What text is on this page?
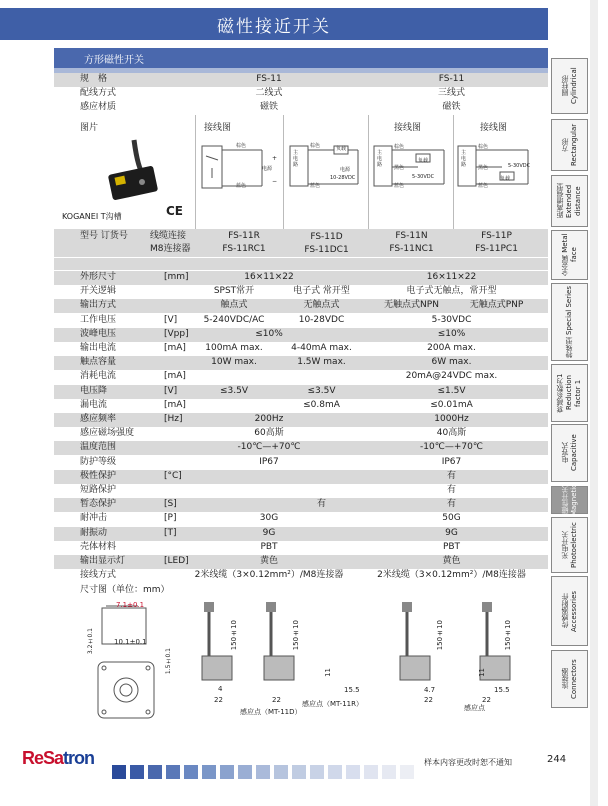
磁性接近开关
方形磁性开关
规　格	FS-11	FS-11
配线方式	二线式	三线式
感应材质	磁铁	磁铁
图片	接线图	接线图	接线图
KOGANEI T沟槽	CE
棕色
蓝色
电源
+
−
主电路
棕色	负载
10-28VDC
电源
蓝色
主电路
棕色
黑色
负载
5-30VDC
蓝色
主电路
棕色
黑色	5-30VDC
负载
蓝色
型号 订货号 线缆连接
M8连接器
FS-11R	FS-11D	FS-11N	FS-11P
FS-11RC1	FS-11DC1	FS-11NC1	FS-11PC1
外形尺寸	[mm]	16×11×22	16×11×22
开关逻辑	SPST常开	电子式 常开型	电子式无触点，常开型
输出方式	触点式	无触点式	无触点式NPN	无触点式PNP
工作电压	[V]	5-240VDC/AC	10-28VDC	5-30VDC
波峰电压	[Vpp]	≤10%	≤10%
输出电流	[mA]	100mA max.	4-40mA max.	200A max.
触点容量	10W max.	1.5W max.	6W max.
消耗电流	[mA]	20mA@24VDC max.
电压降	[V]	≤3.5V	≤3.5V	≤1.5V
漏电流	[mA]	≤0.8mA	≤0.01mA
感应频率	[Hz]	200Hz	1000Hz
感应磁场强度	60高斯	40高斯
温度范围	-10℃—+70℃	-10℃—+70℃
防护等级	IP67	IP67
极性保护	[°C]	有
短路保护	有
暂态保护	[S]	有	有
耐冲击	[P]	30G	50G
耐振动	[T]	9G	9G
壳体材料	PBT	PBT
输出显示灯	[LED]	黄色	黄色
接线方式	2米线缆（3×0.12mm²）/M8连接器	2米线缆（3×0.12mm²）/M8连接器
尺寸图（单位：mm）
7.1±0.1
10.1±0.1
3.2±0.1
1.5±0.1
150±10	150±10
4
22
11
15.5
22
感应点（MT-11D）
感应点（MT-11R）
150±10	150±10
4.7
22
11
15.5
22
感应点
圆柱形 Cylindrical
方形 Rectangular
距离增强型 Extended distance
全金属 Metal face
特殊型 Special Series
衰减系数为1 Reduction factor 1
电容式 Capacitive
磁性开关 Magnetic
光电开关 Photoelectric
传感器附件 Accessories
连接器 Connectors
ReSatron	样本内容更改时恕不通知	244
